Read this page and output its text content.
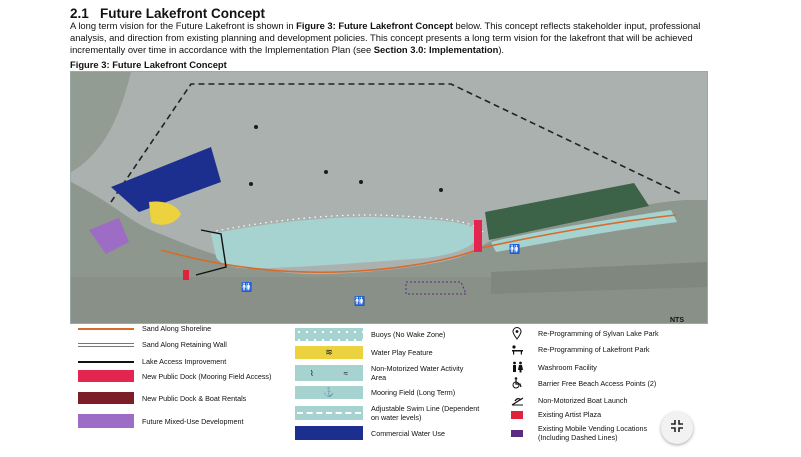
2.1 Future Lakefront Concept
A long term vision for the Future Lakefront is shown in Figure 3: Future Lakefront Concept below. This concept reflects stakeholder input, professional analysis, and direction from existing planning and development policies. This concept presents a long term vision for the lakefront that will be achieved incrementally over time in accordance with the Implementation Plan (see Section 3.0: Implementation).
Figure 3: Future Lakefront Concept
🚻
🚻
🚻
NTS
Sand Along Shoreline
Sand Along Retaining Wall
Lake Access Improvement
New Public Dock (Mooring Field Access)
New Public Dock & Boat Rentals
Future Mixed-Use Development
Buoys (No Wake Zone)
≋	Water Play Feature
⌇	≈	Non-Motorized Water Activity Area
⚓	Mooring Field (Long Term)
Adjustable Swim Line (Dependent on water levels)
Commercial Water Use
Re-Programming of Sylvan Lake Park
Re-Programming of Lakefront Park
Washroom Facility
Barrier Free Beach Access Points (2)
Non-Motorized Boat Launch
Existing Artist Plaza
Existing Mobile Vending Locations (Including Dashed Lines)
